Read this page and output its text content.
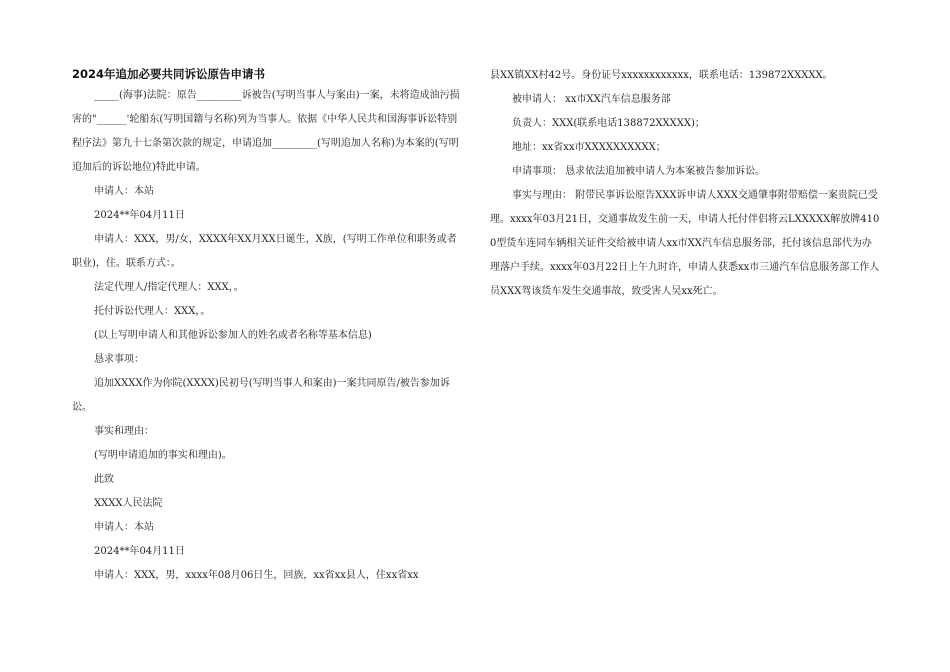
2024年追加必要共同诉讼原告申请书

_____(海事)法院：原告_________诉被告(写明当事人与案由)一案，未将造成油污损害的"______'轮船东(写明国籍与名称)列为当事人。依据《中华人民共和国海事诉讼特别程序法》第九十七条第次款的规定，申请追加_________(写明追加人名称)为本案的(写明追加后的诉讼地位)特此申请。

申请人：本站

2024**年04月11日

申请人：XXX，男/女，XXXX年XX月XX日诞生，X族，(写明工作单位和职务或者职业)，住。联系方式：。

法定代理人/指定代理人：XXX，。

托付诉讼代理人：XXX，。

(以上写明申请人和其他诉讼参加人的姓名或者名称等基本信息)

恳求事项：

追加XXXX作为你院(XXXX)民初号(写明当事人和案由)一案共同原告/被告参加诉讼。

事实和理由：

(写明申请追加的事实和理由)。

此致

XXXX人民法院

申请人：本站

2024**年04月11日

申请人：XXX，男，xxxx年08月06日生，回族，xx省xx县人，住xx省xx

县XX镇XX村42号。身份证号xxxxxxxxxxxx，联系电话：139872XXXXX。

被申请人： xx市XX汽车信息服务部

负责人：XXX(联系电话138872XXXXX)；

地址：xx省xx市XXXXXXXXXX；

申请事项： 恳求依法追加被申请人为本案被告参加诉讼。

事实与理由： 附带民事诉讼原告XXX诉申请人XXX交通肇事附带赔偿一案贵院已受理。xxxx年03月21日，交通事故发生前一天，申请人托付伴侣将云LXXXXX解放牌4100型货车连同车辆相关证件交给被申请人xx市XX汽车信息服务部，托付该信息部代为办理落户手续。xxxx年03月22日上午九时许，申请人获悉xx市三通汽车信息服务部工作人员XXX驾该货车发生交通事故，致受害人吴xx死亡。
